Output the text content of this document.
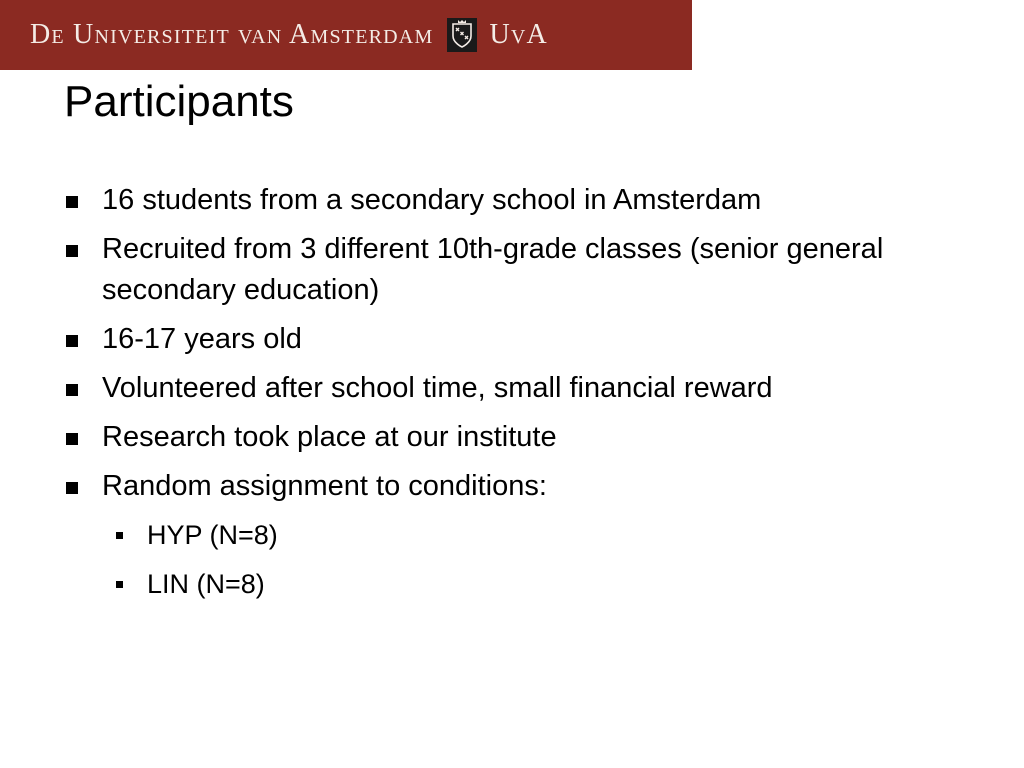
De Universiteit van Amsterdam UvA
Participants
16 students from a secondary school in Amsterdam
Recruited from 3 different 10th-grade classes (senior general secondary education)
16-17 years old
Volunteered after school time, small financial reward
Research took place at our institute
Random assignment to conditions:
HYP (N=8)
LIN (N=8)
